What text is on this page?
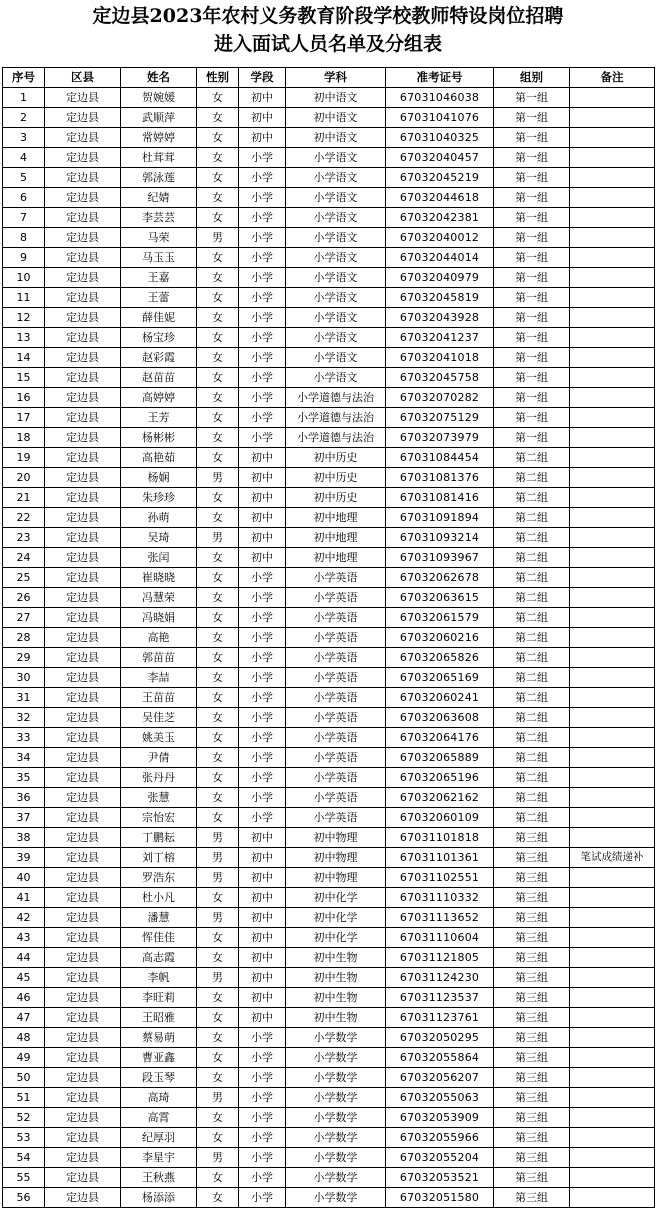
定边县2023年农村义务教育阶段学校教师特设岗位招聘
进入面试人员名单及分组表
序号	区县	姓名	性别	学段	学科	准考证号	组别	备注
1	定边县	贺婉媛	女	初中	初中语文	67031046038	第一组	
2	定边县	武顺萍	女	初中	初中语文	67031041076	第一组	
3	定边县	常婷婷	女	初中	初中语文	67031040325	第一组	
4	定边县	杜茸茸	女	小学	小学语文	67032040457	第一组	
5	定边县	郭泳莲	女	小学	小学语文	67032045219	第一组	
6	定边县	纪婧	女	小学	小学语文	67032044618	第一组	
7	定边县	李芸芸	女	小学	小学语文	67032042381	第一组	
8	定边县	马荣	男	小学	小学语文	67032040012	第一组	
9	定边县	马玉玉	女	小学	小学语文	67032044014	第一组	
10	定边县	王嘉	女	小学	小学语文	67032040979	第一组	
11	定边县	王蕾	女	小学	小学语文	67032045819	第一组	
12	定边县	薛佳妮	女	小学	小学语文	67032043928	第一组	
13	定边县	杨宝珍	女	小学	小学语文	67032041237	第一组	
14	定边县	赵彩霞	女	小学	小学语文	67032041018	第一组	
15	定边县	赵苗苗	女	小学	小学语文	67032045758	第一组	
16	定边县	高婷婷	女	小学	小学道德与法治	67032070282	第一组	
17	定边县	王芳	女	小学	小学道德与法治	67032075129	第一组	
18	定边县	杨彬彬	女	小学	小学道德与法治	67032073979	第一组	
19	定边县	高艳茹	女	初中	初中历史	67031084454	第二组	
20	定边县	杨娴	男	初中	初中历史	67031081376	第二组	
21	定边县	朱珍珍	女	初中	初中历史	67031081416	第二组	
22	定边县	孙萌	女	初中	初中地理	67031091894	第二组	
23	定边县	吴琦	男	初中	初中地理	67031093214	第二组	
24	定边县	张闰	女	初中	初中地理	67031093967	第二组	
25	定边县	崔晓晓	女	小学	小学英语	67032062678	第二组	
26	定边县	冯慧荣	女	小学	小学英语	67032063615	第二组	
27	定边县	冯晓娟	女	小学	小学英语	67032061579	第二组	
28	定边县	高艳	女	小学	小学英语	67032060216	第二组	
29	定边县	郭苗苗	女	小学	小学英语	67032065826	第二组	
30	定边县	李喆	女	小学	小学英语	67032065169	第二组	
31	定边县	王苗苗	女	小学	小学英语	67032060241	第二组	
32	定边县	吴佳芝	女	小学	小学英语	67032063608	第二组	
33	定边县	姚美玉	女	小学	小学英语	67032064176	第二组	
34	定边县	尹倩	女	小学	小学英语	67032065889	第二组	
35	定边县	张丹丹	女	小学	小学英语	67032065196	第二组	
36	定边县	张慧	女	小学	小学英语	67032062162	第二组	
37	定边县	宗怡宏	女	小学	小学英语	67032060109	第二组	
38	定边县	丁鹏耘	男	初中	初中物理	67031101818	第三组	
39	定边县	刘丁榕	男	初中	初中物理	67031101361	第三组	笔试成绩递补
40	定边县	罗浩东	男	初中	初中物理	67031102551	第三组	
41	定边县	杜小凡	女	初中	初中化学	67031110332	第三组	
42	定边县	潘慧	男	初中	初中化学	67031113652	第三组	
43	定边县	恽佳佳	女	初中	初中化学	67031110604	第三组	
44	定边县	高志霞	女	初中	初中生物	67031121805	第三组	
45	定边县	李帆	男	初中	初中生物	67031124230	第三组	
46	定边县	李旺莉	女	初中	初中生物	67031123537	第三组	
47	定边县	王昭雅	女	初中	初中生物	67031123761	第三组	
48	定边县	蔡易萌	女	小学	小学数学	67032050295	第三组	
49	定边县	曹亚鑫	女	小学	小学数学	67032055864	第三组	
50	定边县	段玉琴	女	小学	小学数学	67032056207	第三组	
51	定边县	高琦	男	小学	小学数学	67032055063	第三组	
52	定边县	高霄	女	小学	小学数学	67032053909	第三组	
53	定边县	纪厚羽	女	小学	小学数学	67032055966	第三组	
54	定边县	李星宇	男	小学	小学数学	67032055204	第三组	
55	定边县	王秋燕	女	小学	小学数学	67032053521	第三组	
56	定边县	杨添添	女	小学	小学数学	67032051580	第三组	
